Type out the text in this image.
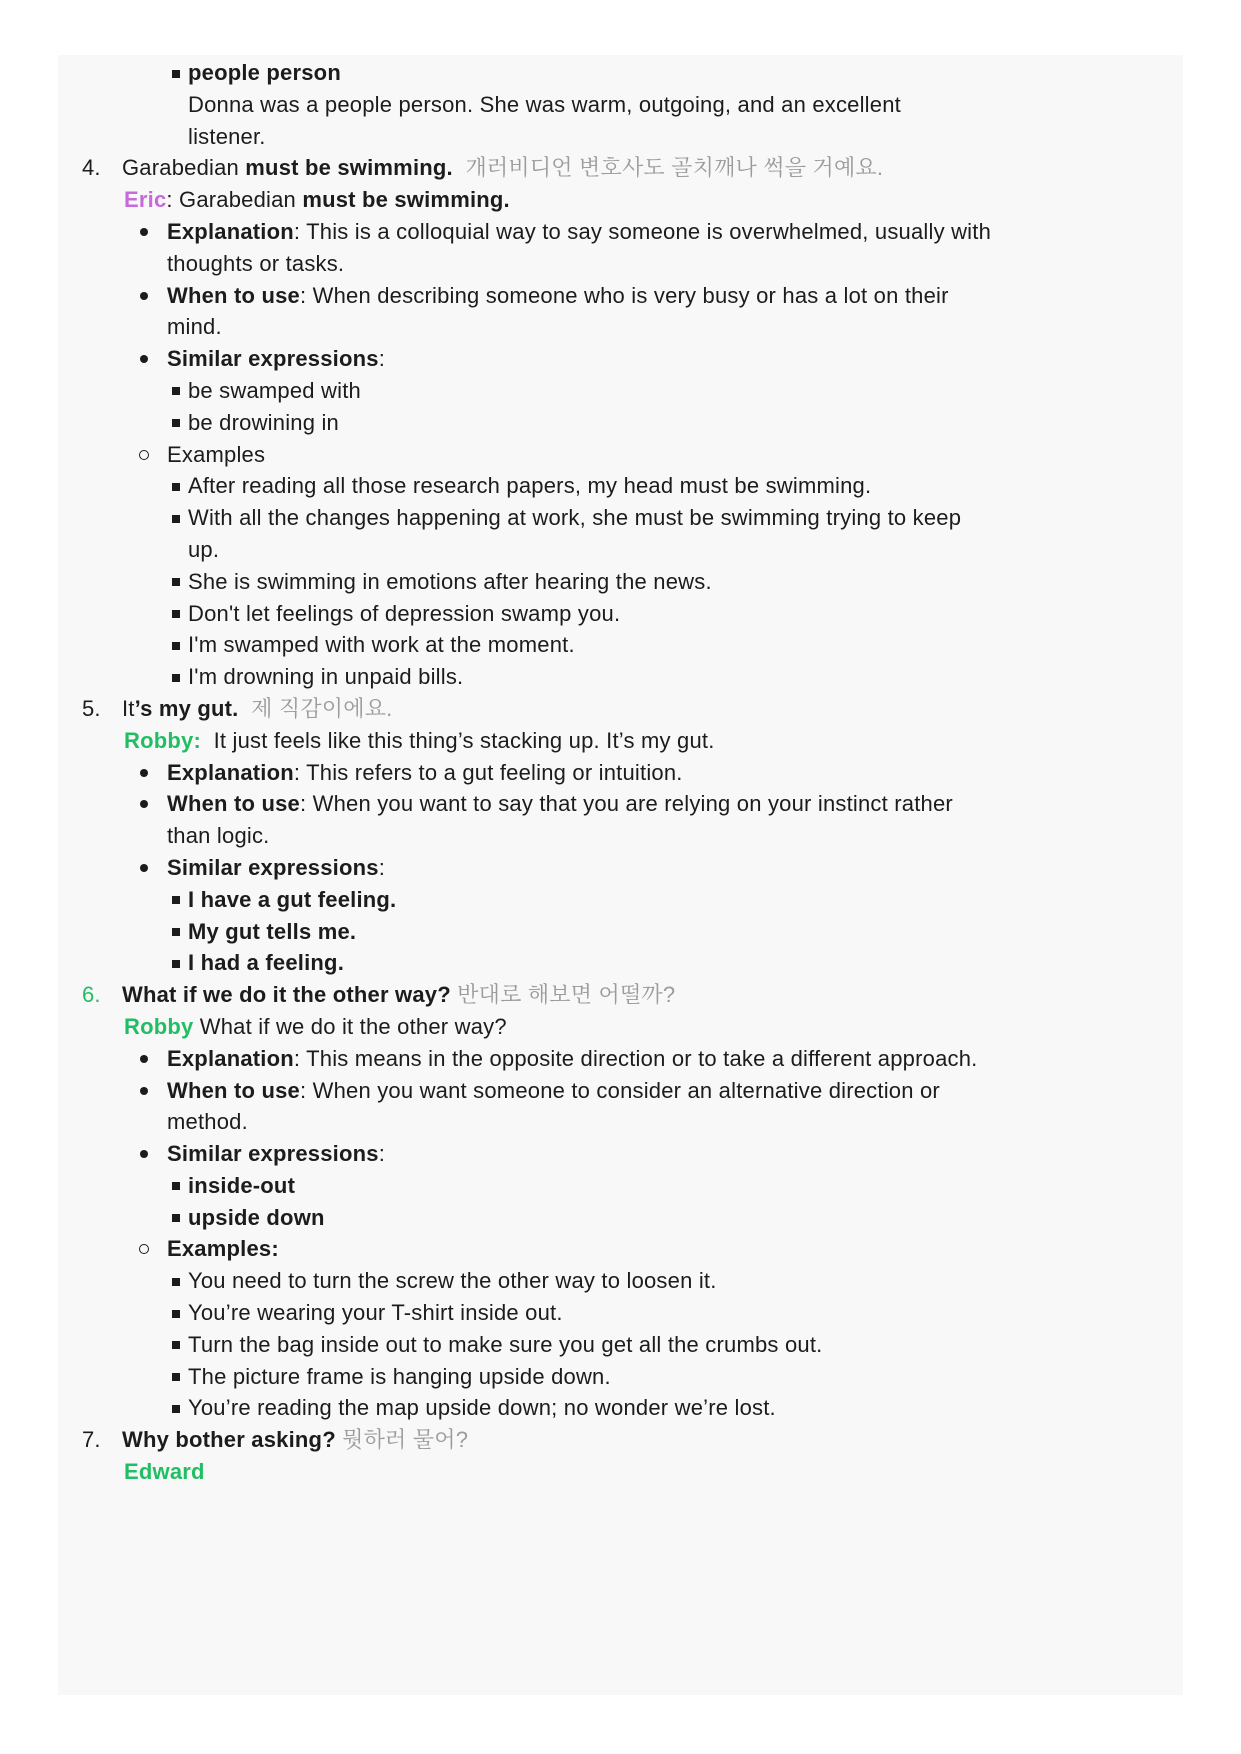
people person
Donna was a people person. She was warm, outgoing, and an excellent
listener.
4. Garabedian must be swimming.  개러비디언 변호사도 골치깨나 썩을 거예요.
Eric: Garabedian must be swimming.
Explanation: This is a colloquial way to say someone is overwhelmed, usually with
thoughts or tasks.
When to use: When describing someone who is very busy or has a lot on their
mind.
Similar expressions:
be swamped with
be drowining in
Examples
After reading all those research papers, my head must be swimming.
With all the changes happening at work, she must be swimming trying to keep
up.
She is swimming in emotions after hearing the news.
Don't let feelings of depression swamp you.
I'm swamped with work at the moment.
I'm drowning in unpaid bills.
5. It’s my gut.  제 직감이에요.
Robby:  It just feels like this thing’s stacking up. It’s my gut.
Explanation: This refers to a gut feeling or intuition.
When to use: When you want to say that you are relying on your instinct rather
than logic.
Similar expressions:
I have a gut feeling.
My gut tells me.
I had a feeling.
6. What if we do it the other way? 반대로 해보면 어떨까?
Robby What if we do it the other way?
Explanation: This means in the opposite direction or to take a different approach.
When to use: When you want someone to consider an alternative direction or
method.
Similar expressions:
inside-out
upside down
Examples:
You need to turn the screw the other way to loosen it.
You’re wearing your T-shirt inside out.
Turn the bag inside out to make sure you get all the crumbs out.
The picture frame is hanging upside down.
You’re reading the map upside down; no wonder we’re lost.
7. Why bother asking? 뭣하러 물어?
Edward
